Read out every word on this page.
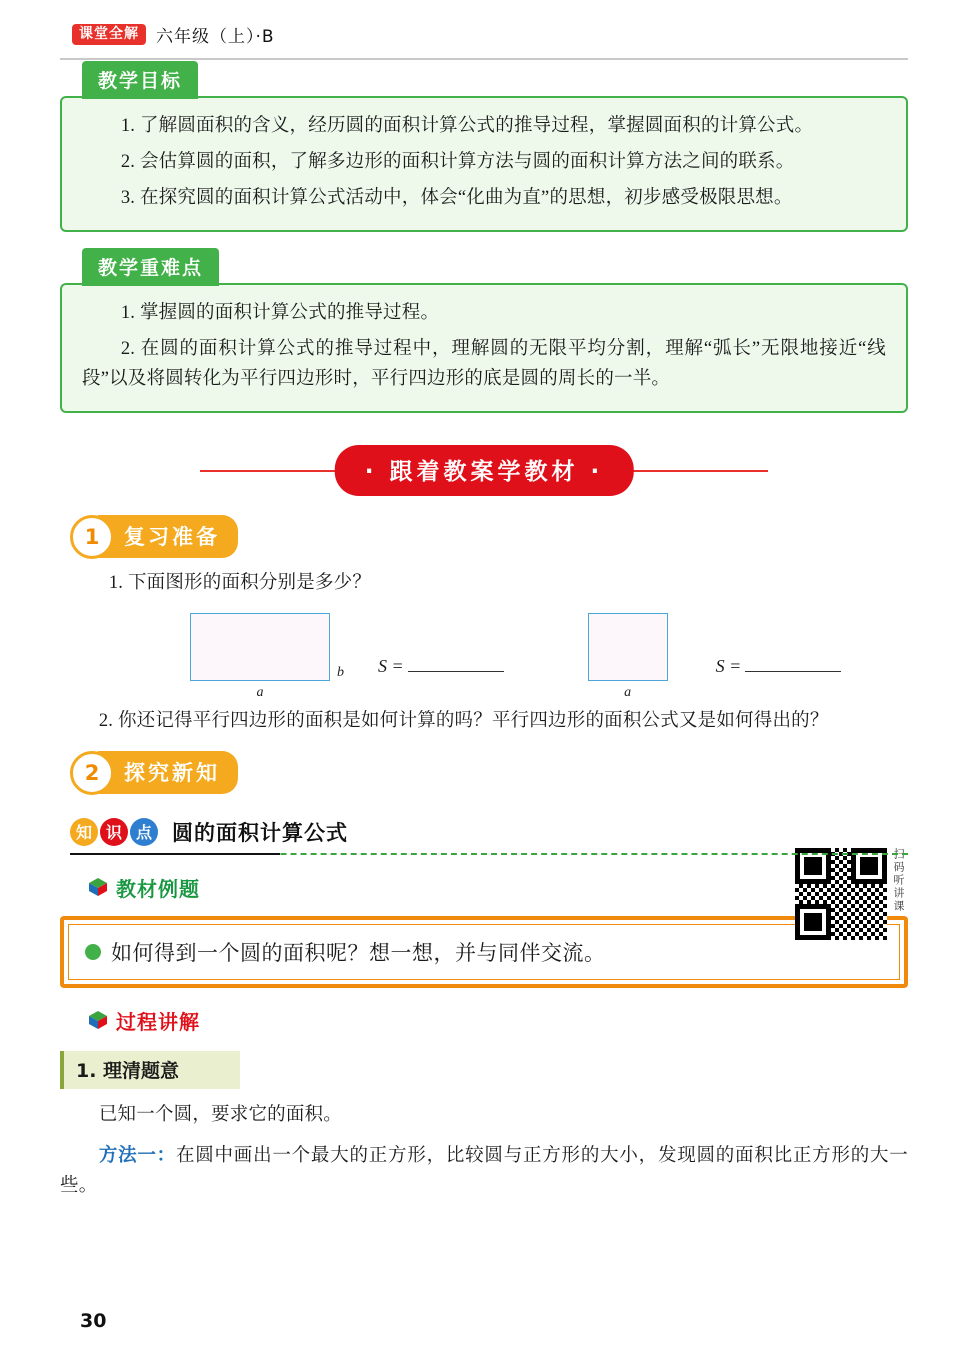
课堂全解	六年级（上）·B
教学目标

1. 了解圆面积的含义，经历圆的面积计算公式的推导过程，掌握圆面积的计算公式。

2. 会估算圆的面积，了解多边形的面积计算方法与圆的面积计算方法之间的联系。

3. 在探究圆的面积计算公式活动中，体会“化曲为直”的思想，初步感受极限思想。

教学重难点

1. 掌握圆的面积计算公式的推导过程。

2. 在圆的面积计算公式的推导过程中，理解圆的无限平均分割，理解“弧长”无限地接近“线段”以及将圆转化为平行四边形时，平行四边形的底是圆的周长的一半。

· 跟着教案学教材 ·
1	复习准备

1. 下面图形的面积分别是多少？

a
b S =
a
S =

2. 你还记得平行四边形的面积是如何计算的吗？平行四边形的面积公式又是如何得出的？

2	探究新知
扫码听讲课
知 识 点 圆的面积计算公式
教材例题
如何得到一个圆的面积呢？想一想，并与同伴交流。
过程讲解
1. 理清题意

已知一个圆，要求它的面积。

方法一：在圆中画出一个最大的正方形，比较圆与正方形的大小，发现圆的面积比正方形的大一些。

30
